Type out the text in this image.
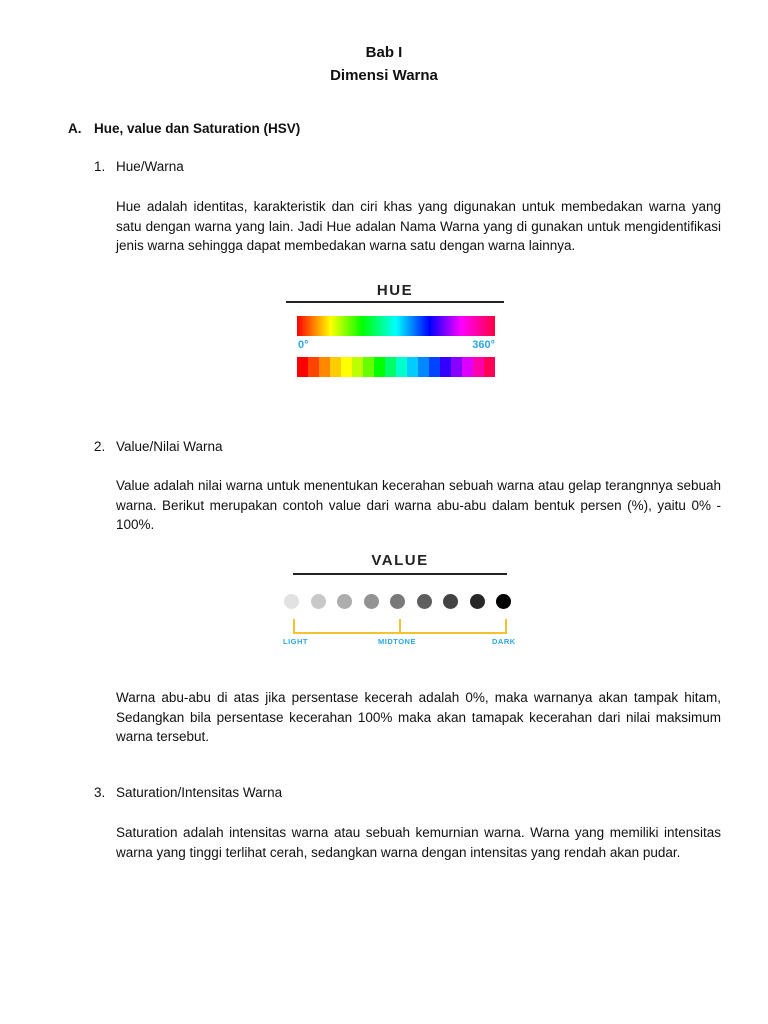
Bab I
Dimensi Warna
A. Hue, value dan Saturation (HSV)
1. Hue/Warna
Hue adalah identitas, karakteristik dan ciri khas yang digunakan untuk membedakan warna yang satu dengan warna yang lain. Jadi Hue adalan Nama Warna yang di gunakan untuk mengidentifikasi jenis warna sehingga dapat membedakan warna satu dengan warna lainnya.
HUE
0°	360°
2. Value/Nilai Warna
Value adalah nilai warna untuk menentukan kecerahan sebuah warna atau gelap terangnnya sebuah warna. Berikut merupakan contoh value dari warna abu-abu dalam bentuk persen (%), yaitu 0% - 100%.
VALUE
LIGHT	MIDTONE	DARK
Warna abu-abu di atas jika persentase kecerah adalah 0%, maka warnanya akan tampak hitam, Sedangkan bila persentase kecerahan 100% maka akan tamapak kecerahan dari nilai maksimum warna tersebut.
3. Saturation/Intensitas Warna
Saturation adalah intensitas warna atau sebuah kemurnian warna. Warna yang memiliki intensitas warna yang tinggi terlihat cerah, sedangkan warna dengan intensitas yang rendah akan pudar.
